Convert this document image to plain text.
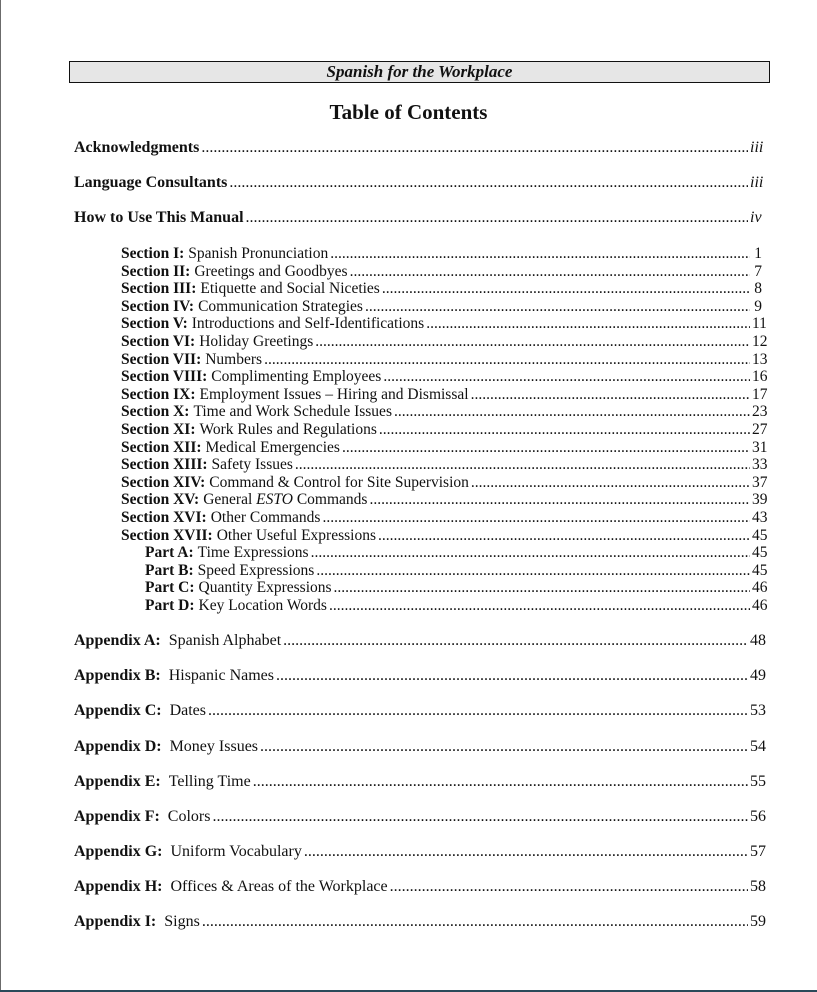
Spanish for the Workplace
Table of Contents
Acknowledgments .....	iii
Language Consultants .....	iii
How to Use This Manual .....	iv
Section I: Spanish Pronunciation .....	1
Section II: Greetings and Goodbyes .....	7
Section III: Etiquette and Social Niceties .....	8
Section IV: Communication Strategies .....	9
Section V: Introductions and Self-Identifications .....	11
Section VI: Holiday Greetings .....	12
Section VII: Numbers .....	13
Section VIII: Complimenting Employees .....	16
Section IX: Employment Issues – Hiring and Dismissal .....	17
Section X: Time and Work Schedule Issues .....	23
Section XI: Work Rules and Regulations .....	27
Section XII: Medical Emergencies .....	31
Section XIII: Safety Issues .....	33
Section XIV: Command & Control for Site Supervision .....	37
Section XV: General ESTO Commands .....	39
Section XVI: Other Commands .....	43
Section XVII: Other Useful Expressions .....	45
Part A: Time Expressions .....	45
Part B: Speed Expressions .....	45
Part C: Quantity Expressions .....	46
Part D: Key Location Words .....	46
Appendix A: Spanish Alphabet .....	48
Appendix B: Hispanic Names .....	49
Appendix C: Dates .....	53
Appendix D: Money Issues .....	54
Appendix E: Telling Time .....	55
Appendix F: Colors .....	56
Appendix G: Uniform Vocabulary .....	57
Appendix H: Offices & Areas of the Workplace .....	58
Appendix I: Signs .....	59
